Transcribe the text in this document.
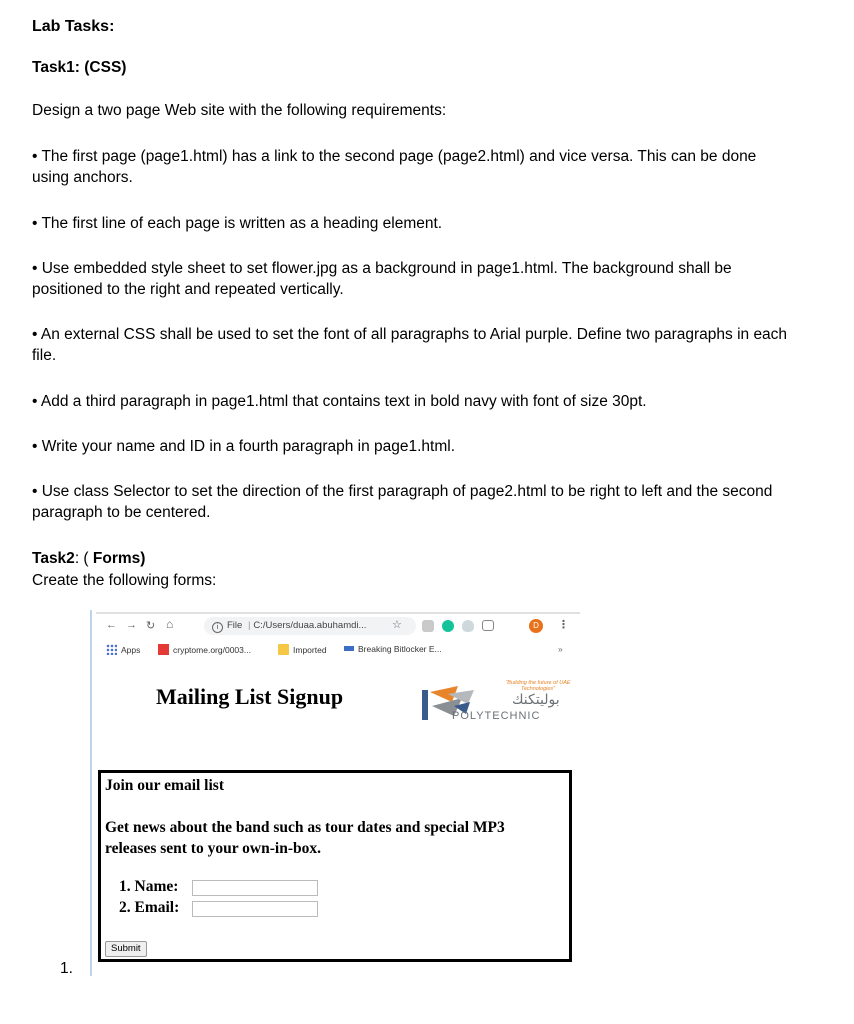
Lab Tasks:
Task1: (CSS)
Design a two page Web site with the following requirements:

• The first page (page1.html) has a link to the second page (page2.html) and vice versa. This can be done using anchors.

• The first line of each page is written as a heading element.

• Use embedded style sheet to set flower.jpg as a background in page1.html. The background shall be positioned to the right and repeated vertically.

• An external CSS shall be used to set the font of all paragraphs to Arial purple. Define two paragraphs in each file.

• Add a third paragraph in page1.html that contains text in bold navy with font of size 30pt.

• Write your name and ID in a fourth paragraph in page1.html.

• Use class Selector to set the direction of the first paragraph of page2.html to be right to left and the second paragraph to be centered.

Task2: ( Forms)
Create the following forms:
1.
← → ↻ ⌂	i File | C:/Users/duaa.abuhamdi...	☆	D	⋮
Apps	cryptome.org/0003...	Imported	Breaking Bitlocker E...	»
Mailing List Signup
“Building the future of UAE Technologies”
بوليتكنك
POLYTECHNIC

Join our email list

Get news about the band such as tour dates and special MP3 releases sent to your own-in-box.

1. Name:
2. Email:
Submit
